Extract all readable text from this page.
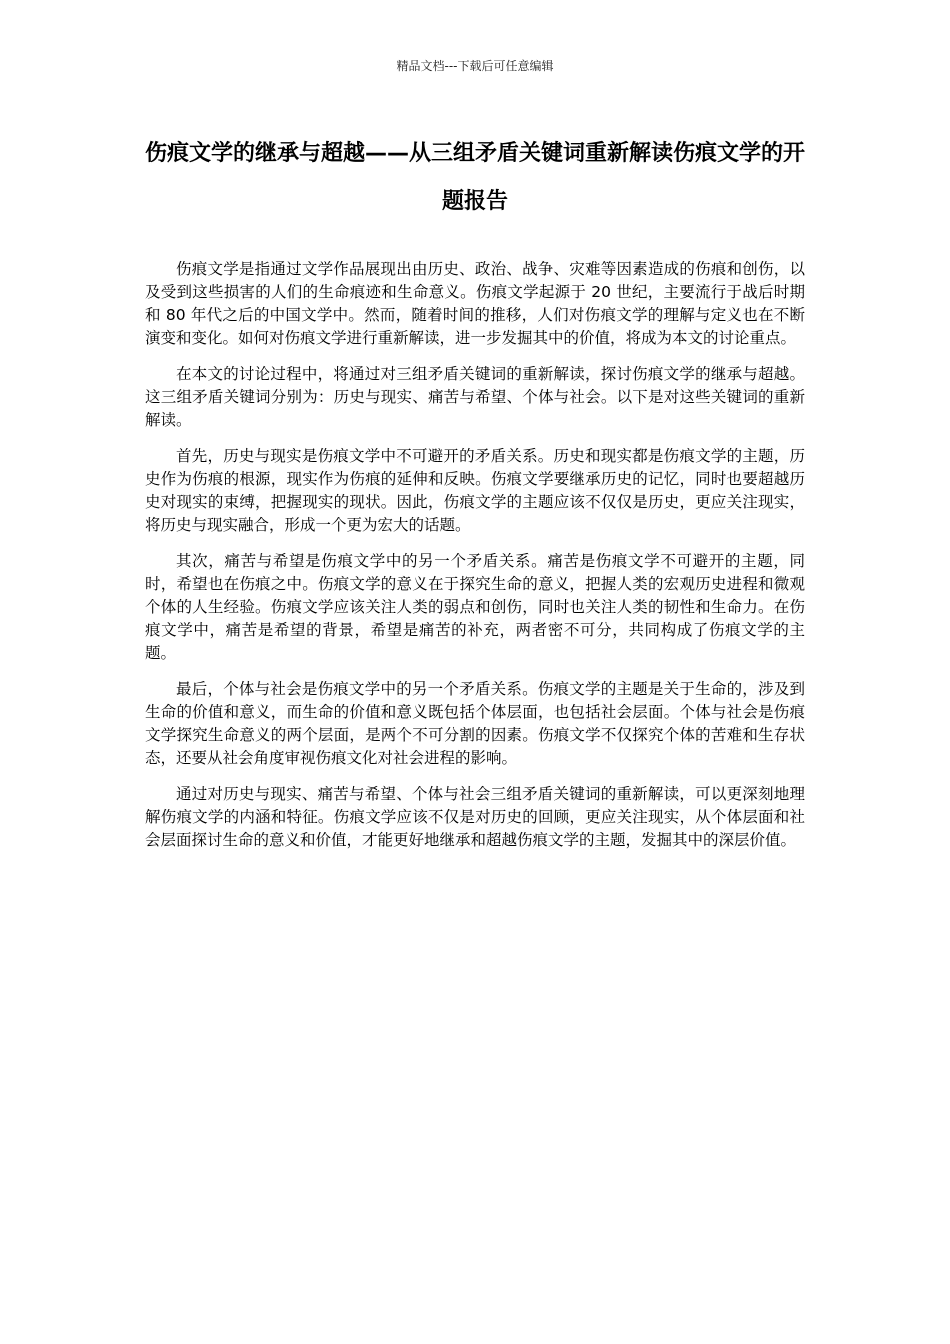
精品文档---下载后可任意编辑
伤痕文学的继承与超越——从三组矛盾关键词重新解读伤痕文学的开题报告

伤痕文学是指通过文学作品展现出由历史、政治、战争、灾难等因素造成的伤痕和创伤，以及受到这些损害的人们的生命痕迹和生命意义。伤痕文学起源于 20 世纪，主要流行于战后时期和 80 年代之后的中国文学中。然而，随着时间的推移，人们对伤痕文学的理解与定义也在不断演变和变化。如何对伤痕文学进行重新解读，进一步发掘其中的价值，将成为本文的讨论重点。

在本文的讨论过程中，将通过对三组矛盾关键词的重新解读，探讨伤痕文学的继承与超越。这三组矛盾关键词分别为：历史与现实、痛苦与希望、个体与社会。以下是对这些关键词的重新解读。

首先，历史与现实是伤痕文学中不可避开的矛盾关系。历史和现实都是伤痕文学的主题，历史作为伤痕的根源，现实作为伤痕的延伸和反映。伤痕文学要继承历史的记忆，同时也要超越历史对现实的束缚，把握现实的现状。因此，伤痕文学的主题应该不仅仅是历史，更应关注现实，将历史与现实融合，形成一个更为宏大的话题。

其次，痛苦与希望是伤痕文学中的另一个矛盾关系。痛苦是伤痕文学不可避开的主题，同时，希望也在伤痕之中。伤痕文学的意义在于探究生命的意义，把握人类的宏观历史进程和微观个体的人生经验。伤痕文学应该关注人类的弱点和创伤，同时也关注人类的韧性和生命力。在伤痕文学中，痛苦是希望的背景，希望是痛苦的补充，两者密不可分，共同构成了伤痕文学的主题。

最后，个体与社会是伤痕文学中的另一个矛盾关系。伤痕文学的主题是关于生命的，涉及到生命的价值和意义，而生命的价值和意义既包括个体层面，也包括社会层面。个体与社会是伤痕文学探究生命意义的两个层面，是两个不可分割的因素。伤痕文学不仅探究个体的苦难和生存状态，还要从社会角度审视伤痕文化对社会进程的影响。

通过对历史与现实、痛苦与希望、个体与社会三组矛盾关键词的重新解读，可以更深刻地理解伤痕文学的内涵和特征。伤痕文学应该不仅是对历史的回顾，更应关注现实，从个体层面和社会层面探讨生命的意义和价值，才能更好地继承和超越伤痕文学的主题，发掘其中的深层价值。
